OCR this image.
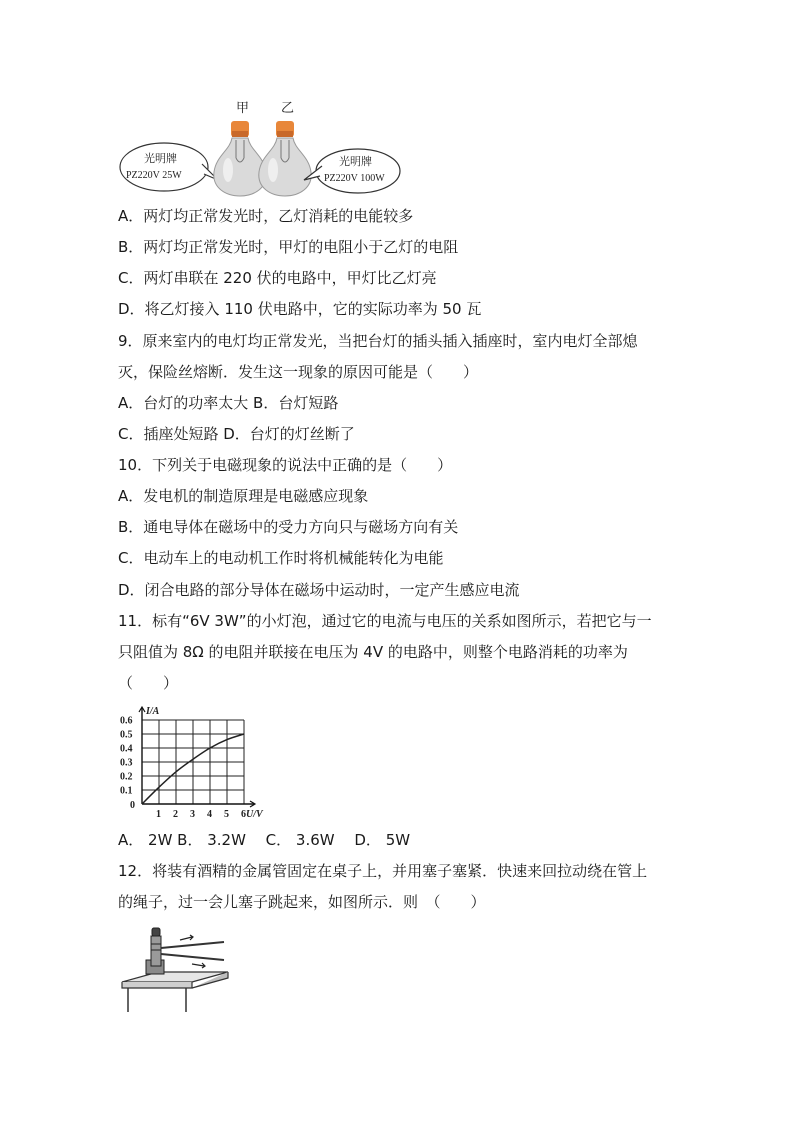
甲 乙
光明牌
PZ220V 25W
光明牌
PZ220V 100W
A．两灯均正常发光时，乙灯消耗的电能较多
B．两灯均正常发光时，甲灯的电阻小于乙灯的电阻
C．两灯串联在 220 伏的电路中，甲灯比乙灯亮
D．将乙灯接入 110 伏电路中，它的实际功率为 50 瓦
9．原来室内的电灯均正常发光，当把台灯的插头插入插座时，室内电灯全部熄
灭，保险丝熔断．发生这一现象的原因可能是（　　）
A．台灯的功率太大 B．台灯短路
C．插座处短路 D．台灯的灯丝断了
10．下列关于电磁现象的说法中正确的是（　　）
A．发电机的制造原理是电磁感应现象
B．通电导体在磁场中的受力方向只与磁场方向有关
C．电动车上的电动机工作时将机械能转化为电能
D．闭合电路的部分导体在磁场中运动时，一定产生感应电流
11．标有“6V 3W”的小灯泡，通过它的电流与电压的关系如图所示，若把它与一
只阻值为 8Ω 的电阻并联接在电压为 4V 的电路中，则整个电路消耗的功率为
（　　）
0.6
0.5
0.4
0.3
0.2
0.1
1 2 3 4 5 6
I/A
U/V
0
A． 2W B． 3.2W　 C． 3.6W　 D． 5W
12．将装有酒精的金属管固定在桌子上，并用塞子塞紧．快速来回拉动绕在管上
的绳子，过一会儿塞子跳起来，如图所示．则　（　　）
